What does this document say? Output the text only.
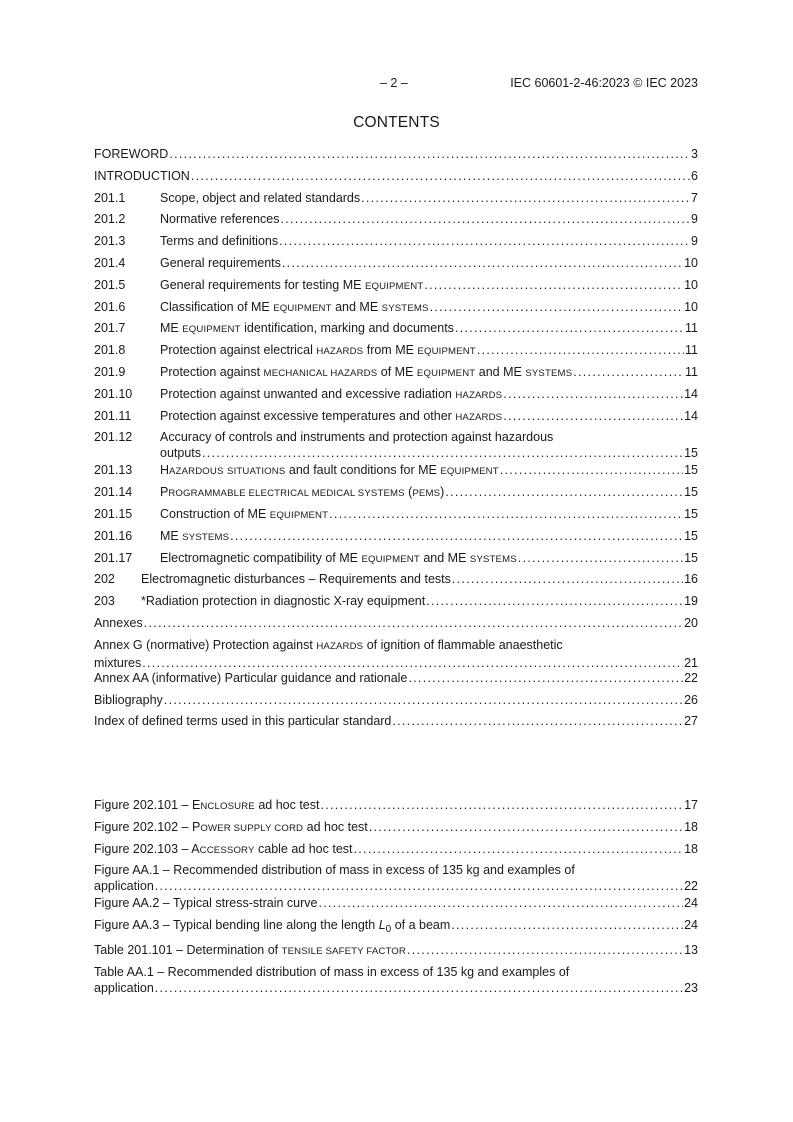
– 2 –	IEC 60601-2-46:2023 © IEC 2023
CONTENTS
FOREWORD .....	3
INTRODUCTION .....	6
201.1	Scope, object and related standards .....	7
201.2	Normative references .....	9
201.3	Terms and definitions .....	9
201.4	General requirements .....	10
201.5	General requirements for testing ME EQUIPMENT .....	10
201.6	Classification of ME EQUIPMENT and ME SYSTEMS .....	10
201.7	ME EQUIPMENT identification, marking and documents .....	11
201.8	Protection against electrical HAZARDS from ME EQUIPMENT .....	11
201.9	Protection against MECHANICAL HAZARDS of ME EQUIPMENT and ME SYSTEMS .....	11
201.10	Protection against unwanted and excessive radiation HAZARDS .....	14
201.11	Protection against excessive temperatures and other HAZARDS .....	14
201.12 Accuracy of controls and instruments and protection against hazardous
outputs .....	15
201.13	HAZARDOUS SITUATIONS and fault conditions for ME EQUIPMENT .....	15
201.14	PROGRAMMABLE ELECTRICAL MEDICAL SYSTEMS (PEMS) .....	15
201.15	Construction of ME EQUIPMENT .....	15
201.16	ME SYSTEMS .....	15
201.17	Electromagnetic compatibility of ME EQUIPMENT and ME SYSTEMS .....	15
202	Electromagnetic disturbances – Requirements and tests .....	16
203	*Radiation protection in diagnostic X-ray equipment .....	19
Annexes .....	20
Annex G (normative) Protection against HAZARDS of ignition of flammable anaesthetic
mixtures .....	21
Annex AA (informative) Particular guidance and rationale .....	22
Bibliography .....	26
Index of defined terms used in this particular standard .....	27
Figure 202.101 – ENCLOSURE ad hoc test .....	17
Figure 202.102 – POWER SUPPLY CORD ad hoc test .....	18
Figure 202.103 – ACCESSORY cable ad hoc test .....	18
Figure AA.1 – Recommended distribution of mass in excess of 135 kg and examples of
application .....	22
Figure AA.2 – Typical stress-strain curve .....	24
Figure AA.3 – Typical bending line along the length $L_0$ of a beam .....	24
Table 201.101 – Determination of TENSILE SAFETY FACTOR .....	13
Table AA.1 – Recommended distribution of mass in excess of 135 kg and examples of
application .....	23
